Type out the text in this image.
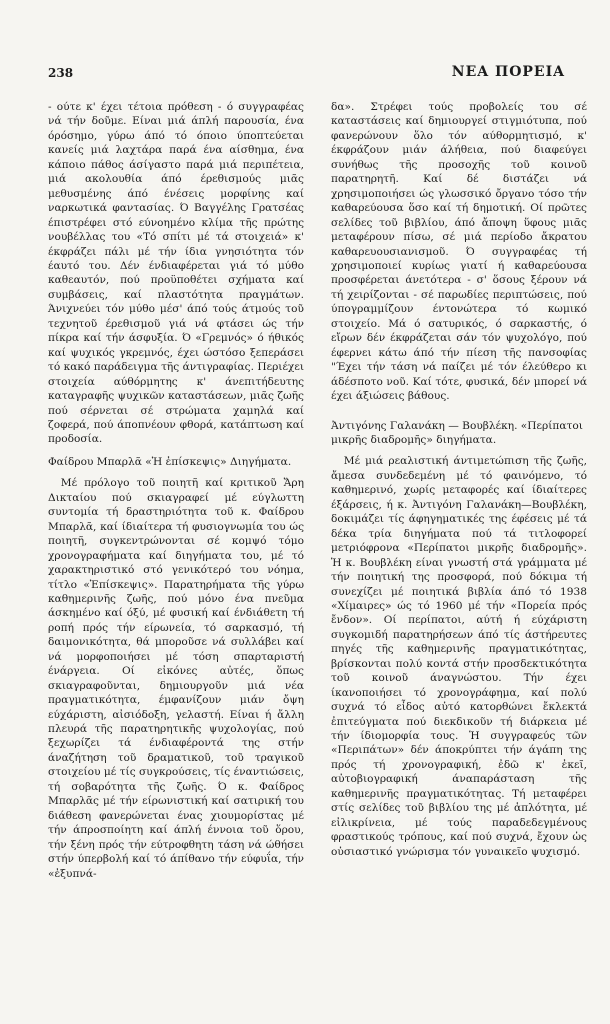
238	ΝΕΑ ΠΟΡΕΙΑ

- ούτε κ' έχει τέτοια πρόθεση - ό συγγραφέας νά τήν δοῦμε. Είναι μιά άπλή παρουσία, ένα όρόσημο, γύρω άπό τό όποιο ύποπτεύεται κανείς μιά λαχτάρα παρά ένα αίσθημα, ένα κάποιο πάθος άσίγαστο παρά μιά περιπέτεια, μιά ακολουθία άπό έρεθισμούς μιᾶς μεθυσμένης άπό ένέσεις μορφίνης καί ναρκωτικά φαντασίας. Ό Βαγγέλης Γρατσέας έπιστρέφει στό εύνοημένο κλίμα τῆς πρώτης νουβέλλας του «Τό σπίτι μέ τά στοιχειά» κ' έκφράζει πάλι μέ τήν ίδια γνησιότητα τόν έαυτό του. Δέν ένδιαφέρεται γιά τό μύθο καθεαυτόν, πού προϋποθέτει σχήματα καί συμβάσεις, καί πλαστότητα πραγμάτων. Άνιχνεύει τόν μύθο μέσ' άπό τούς άτμούς τοῦ τεχνητοῦ έρεθισμοῦ γιά νά φτάσει ώς τήν πίκρα καί τήν άσφυξία. Ό «Γρεμνός» ό ήθικός καί ψυχικός γκρεμνός, έχει ώστόσο ξεπεράσει τό κακό παράδειγμα τῆς άντιγραφίας. Περιέχει στοιχεία αύθόρμητης κ' άνεπιτήδευτης καταγραφῆς ψυχικῶν καταστάσεων, μιᾶς ζωῆς πού σέρνεται σέ στρώματα χαμηλά καί ζοφερά, πού άποπνέουν φθορά, κατάπτωση καί προδοσία.

Φαίδρου Μπαρλᾶ «Ἡ ἐπίσκεψις» Διηγήματα.

Μέ πρόλογο τοῦ ποιητῆ καί κριτικοῦ Ἄρη Δικταίου πού σκιαγραφεί μέ εύγλωττη συντομία τή δραστηριότητα τοῦ κ. Φαίδρου Μπαρλᾶ, καί ίδιαίτερα τή φυσιογνωμία του ώς ποιητῆ, συγκεντρώνονται σέ κομψό τόμο χρονογραφήματα καί διηγήματα του, μέ τό χαρακτηριστικό στό γενικότερό του νόημα, τίτλο «Ἐπίσκεψις». Παρατηρήματα τῆς γύρω καθημερινῆς ζωῆς, πού μόνο ένα πνεῦμα άσκημένο καί όξύ, μέ φυσική καί ένδιάθετη τή ροπή πρός τήν είρωνεία, τό σαρκασμό, τή δαιμονικότητα, θά μποροῦσε νά συλλάβει καί νά μορφοποιήσει μέ τόση σπαρταριστή ένάργεια. Οί εἰκόνες αὐτές, ὅπως σκιαγραφοῦνται, δημιουργοῦν μιά νέα πραγματικότητα, έμφανίζουν μιάν ὄψη εύχάριστη, αἰσιόδοξη, γελαστή. Είναι ή ἄλλη πλευρά τῆς παρατηρητικῆς ψυχολογίας, πού ξεχωρίζει τά ένδιαφέροντά της στήν άναζήτηση τοῦ δραματικοῦ, τοῦ τραγικοῦ στοιχείου μέ τίς συγκρούσεις, τίς έναντιώσεις, τή σοβαρότητα τῆς ζωῆς. Ό κ. Φαίδρος Μπαρλᾶς μέ τήν είρωνιστική καί σατιρική του διάθεση φανερώνεται ένας χιουμορίστας μέ τήν άπροσποίητη καί άπλή έννοια τοῦ ὅρου, τήν ξένη πρός τήν εύτροφθητη τάση νά ώθήσει στήν ύπερβολή καί τό άπίθανο τήν εύφυΐα, τήν «ἐξυπνά-

δα». Στρέφει τούς προβολείς του σέ καταστάσεις καί δημιουργεί στιγμιότυπα, πού φανερώνουν ὅλο τόν αύθορμητισμό, κ' έκφράζουν μιάν άλήθεια, πού διαφεύγει συνήθως τῆς προσοχῆς τοῦ κοινοῦ παρατηρητῆ. Καί δέ διστάζει νά χρησιμοποιήσει ώς γλωσσικό ὄργανο τόσο τήν καθαρεύουσα ὅσο καί τή δημοτική. Οί πρῶτες σελίδες τοῦ βιβλίου, άπό ἄποψη ὕφους μιᾶς μεταφέρουν πίσω, σέ μιά περίοδο ἄκρατου καθαρευουσιανισμοῦ. Ό συγγραφέας τή χρησιμοποιεί κυρίως γιατί ή καθαρεύουσα προσφέρεται άνετότερα - σ' ὅσους ξέρουν νά τή χειρίζονται - σέ παρωδίες περιπτώσεις, πού ύπογραμμίζουν έντονώτερα τό κωμικό στοιχείο. Μά ό σατυρικός, ό σαρκαστής, ό εἴρων δέν έκφράζεται σάν τόν ψυχολόγο, πού έφερνει κάτω άπό τήν πίεση τῆς πανσοφίας "Έχει τήν τάση νά παίζει μέ τόν έλεύθερο κι άδέσποτο νοῦ. Καί τότε, φυσικά, δέν μπορεί νά έχει άξιώσεις βάθους.

Ἀντιγόνης Γαλανάκη — Βουβλέκη. «Περίπατοι μικρῆς διαδρομῆς» διηγήματα.

Μέ μιά ρεαλιστική άντιμετώπιση τῆς ζωῆς, ἄμεσα συνδεδεμένη μέ τό φαινόμενο, τό καθημερινό, χωρίς μεταφορές καί ίδιαίτερες έξάρσεις, ή κ. Ἀντιγόνη Γαλανάκη—Βουβλέκη, δοκιμάζει τίς άφηγηματικές της έφέσεις μέ τά δέκα τρία διηγήματα πού τά τιτλοφορεί μετριόφρονα «Περίπατοι μικρῆς διαδρομῆς». Ἡ κ. Βουβλέκη είναι γνωστή στά γράμματα μέ τήν ποιητική της προσφορά, πού δόκιμα τή συνεχίζει μέ ποιητικά βιβλία άπό τό 1938 «Χίμαιρες» ώς τό 1960 μέ τήν «Πορεία πρός ἔνδον». Οί περίπατοι, αύτή ή εύχάριστη συγκομιδή παρατηρήσεων άπό τίς άστήρευτες πηγές τῆς καθημερινῆς πραγματικότητας, βρίσκονται πολύ κοντά στήν προσδεκτικότητα τοῦ κοινοῦ άναγνώστου. Τήν έχει ίκανοποιήσει τό χρονογράφημα, καί πολύ συχνά τό εἶδος αὐτό κατορθώνει ἔκλεκτά ἐπιτεύγματα πού διεκδικοῦν τή διάρκεια μέ τήν ίδιομορφία τους. Ἡ συγγραφεύς τῶν «Περιπάτων» δέν άποκρύπτει τήν άγάπη της πρός τή χρονογραφική, ἐδῶ κ' ἐκεῖ, αὐτοβιογραφική άναπαράσταση τῆς καθημερινῆς πραγματικότητας. Τή μεταφέρει στίς σελίδες τοῦ βιβλίου της μέ ἁπλότητα, μέ εἰλικρίνεια, μέ τούς παραδεδεγμένους φραστικούς τρόπους, καί πού συχνά, ἔχουν ὡς οὐσιαστικό γνώρισμα τόν γυναικεῖο ψυχισμό.
